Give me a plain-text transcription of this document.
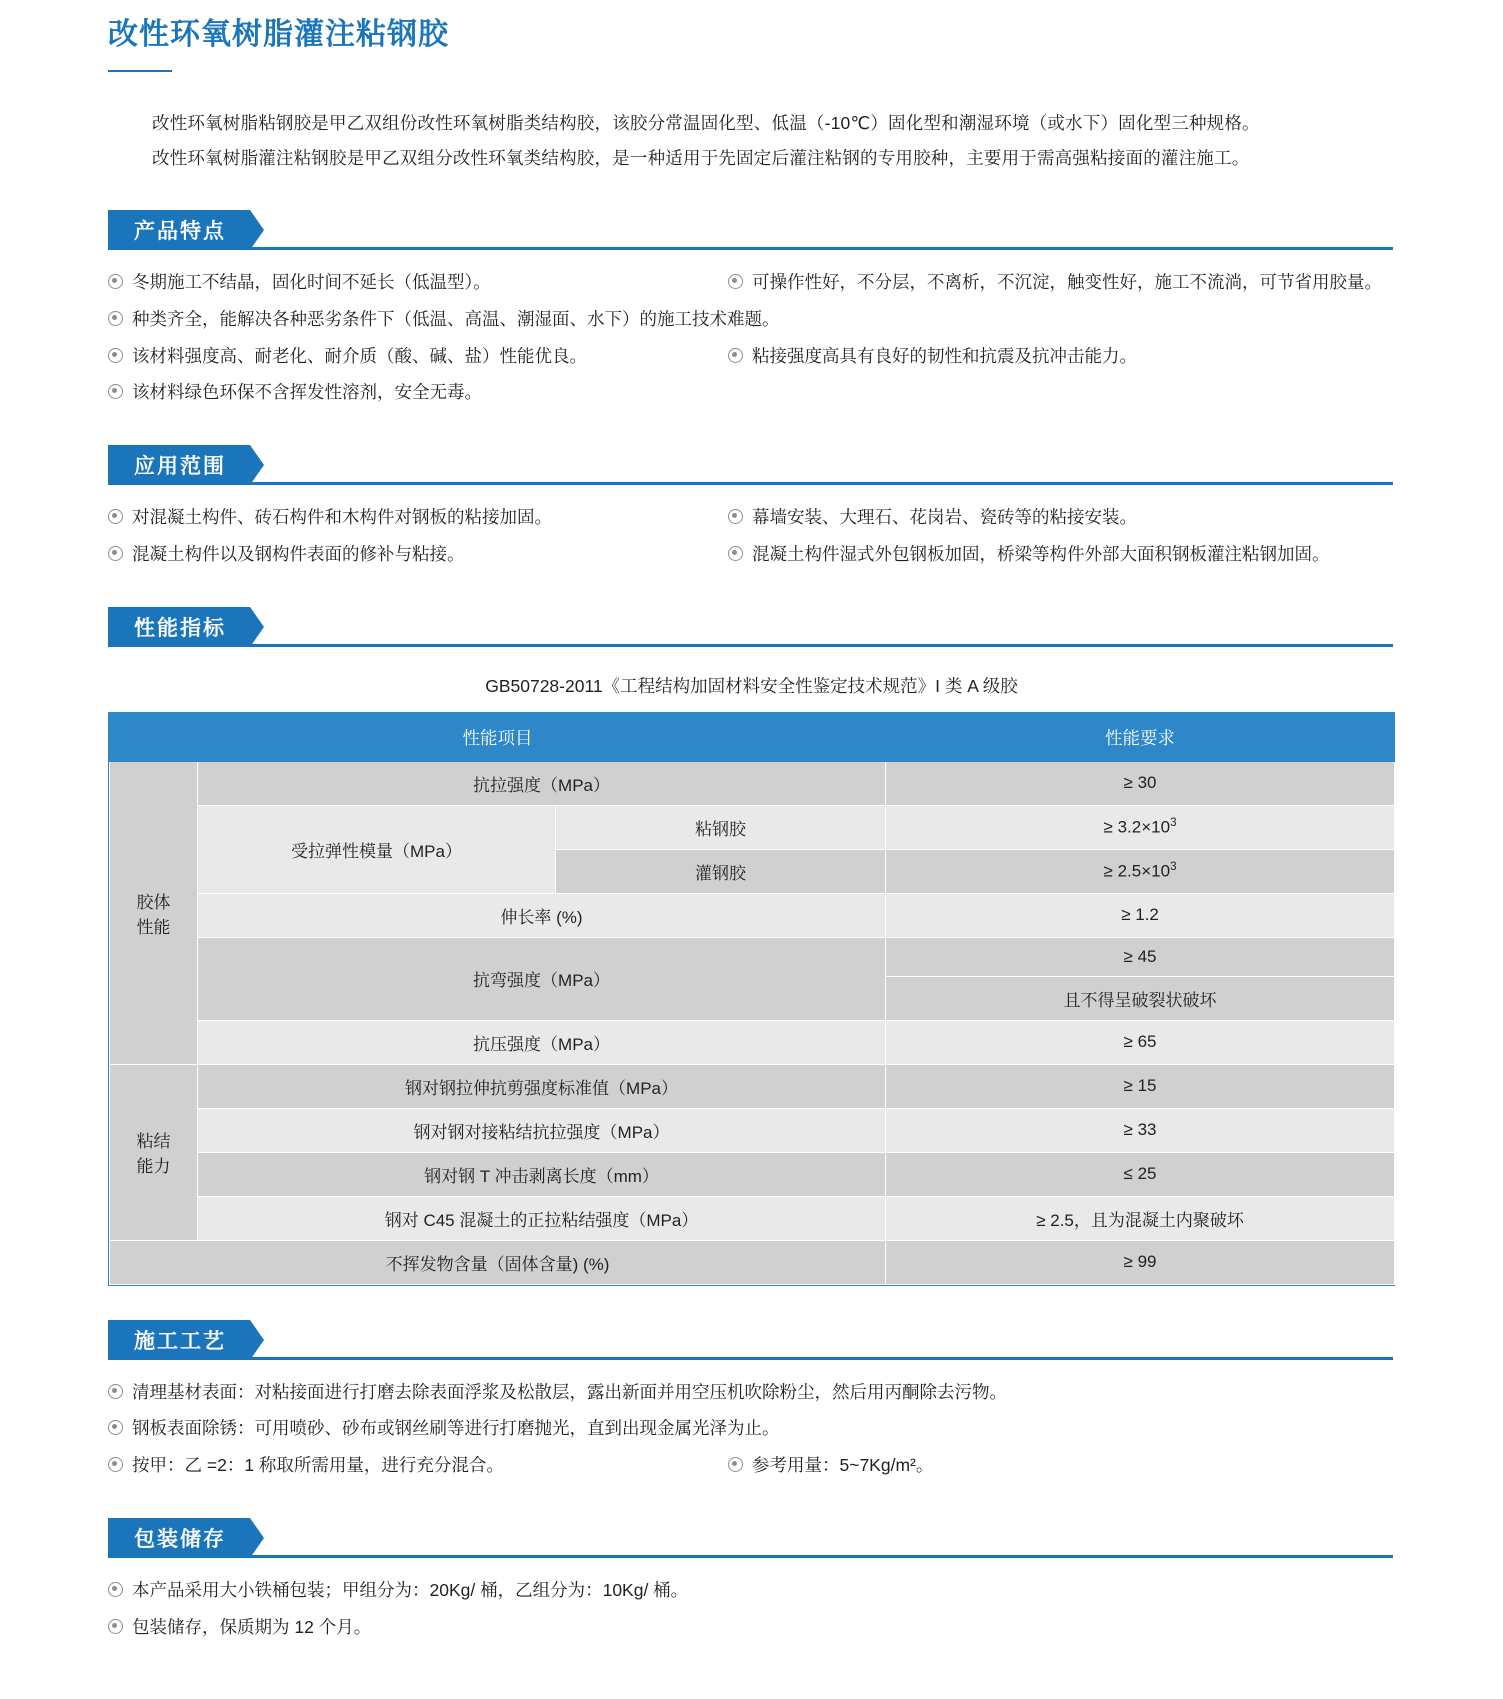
改性环氧树脂灌注粘钢胶

改性环氧树脂粘钢胶是甲乙双组份改性环氧树脂类结构胶，该胶分常温固化型、低温（-10℃）固化型和潮湿环境（或水下）固化型三种规格。

改性环氧树脂灌注粘钢胶是甲乙双组分改性环氧类结构胶，是一种适用于先固定后灌注粘钢的专用胶种，主要用于需高强粘接面的灌注施工。

产品特点
冬期施工不结晶，固化时间不延长（低温型）。	可操作性好，不分层，不离析，不沉淀，触变性好，施工不流淌，可节省用胶量。
种类齐全，能解决各种恶劣条件下（低温、高温、潮湿面、水下）的施工技术难题。
该材料强度高、耐老化、耐介质（酸、碱、盐）性能优良。	粘接强度高具有良好的韧性和抗震及抗冲击能力。
该材料绿色环保不含挥发性溶剂，安全无毒。
应用范围
对混凝土构件、砖石构件和木构件对钢板的粘接加固。	幕墙安装、大理石、花岗岩、瓷砖等的粘接安装。
混凝土构件以及钢构件表面的修补与粘接。	混凝土构件湿式外包钢板加固，桥梁等构件外部大面积钢板灌注粘钢加固。
性能指标
GB50728-2011《工程结构加固材料安全性鉴定技术规范》I 类 A 级胶
性能项目			性能要求
胶体
性能	抗拉强度（MPa）		≥ 30
	受拉弹性模量（MPa）	粘钢胶	≥ $3.2\times 10^3$
		灌钢胶	≥ $2.5\times 10^3$
	伸长率 (%)		≥ 1.2
	抗弯强度（MPa）		≥ 45
			且不得呈破裂状破坏
	抗压强度（MPa）		≥ 65
粘结
能力	钢对钢拉伸抗剪强度标准值（MPa）		≥ 15
	钢对钢对接粘结抗拉强度（MPa）		≥ 33
	钢对钢 T 冲击剥离长度（mm）		≤ 25
	钢对 C45 混凝土的正拉粘结强度（MPa）		≥ 2.5，且为混凝土内聚破坏
不挥发物含量（固体含量) (%)			≥ 99
施工工艺
清理基材表面：对粘接面进行打磨去除表面浮浆及松散层，露出新面并用空压机吹除粉尘，然后用丙酮除去污物。
钢板表面除锈：可用喷砂、砂布或钢丝刷等进行打磨抛光，直到出现金属光泽为止。
按甲：乙 =2：1 称取所需用量，进行充分混合。	参考用量：5~7Kg/m²。
包装储存
本产品采用大小铁桶包装；甲组分为：20Kg/ 桶，乙组分为：10Kg/ 桶。
包装储存，保质期为 12 个月。
